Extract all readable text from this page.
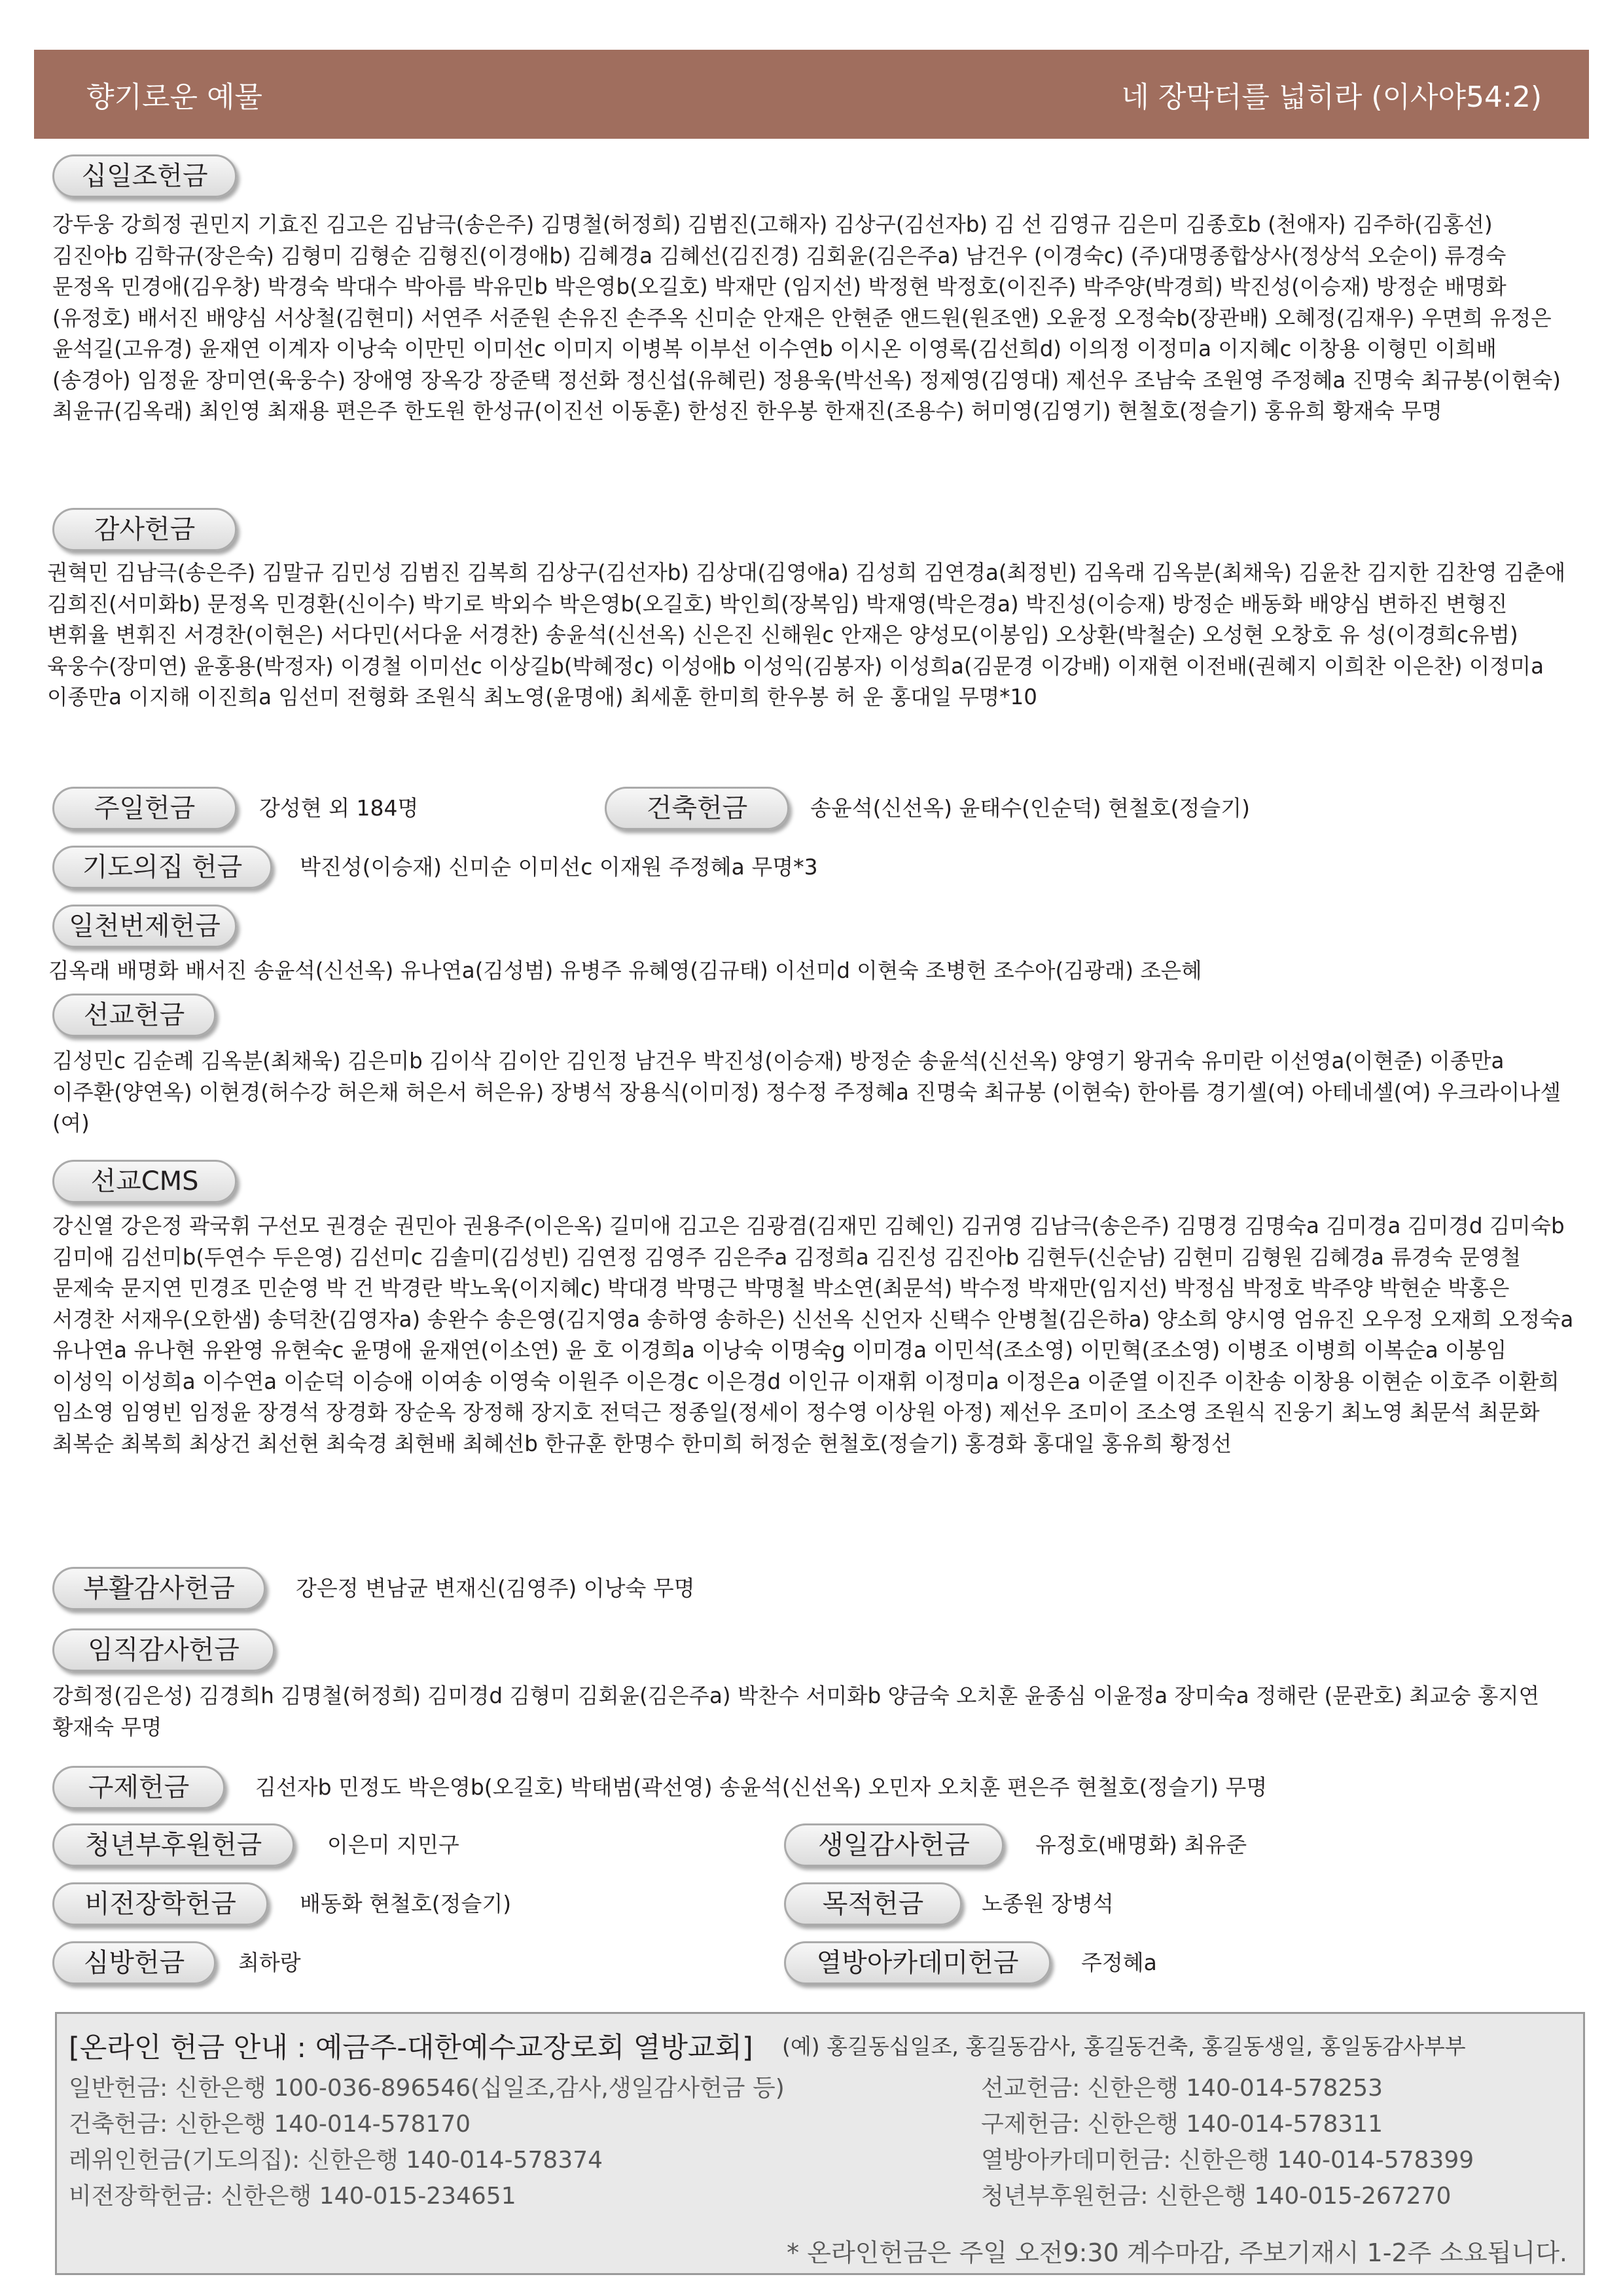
향기로운 예물	네 장막터를 넓히라 (이사야54:2)
십일조헌금

강두웅 강희정 권민지 기효진 김고은 김남극(송은주) 김명철(허정희) 김범진(고해자) 김상구(김선자b) 김 선 김영규 김은미 김종호b (천애자) 김주하(김홍선) 김진아b 김학규(장은숙) 김형미 김형순 김형진(이경애b) 김혜경a 김혜선(김진경) 김회윤(김은주a) 남건우 (이경숙c) (주)대명종합상사(정상석 오순이) 류경숙 문정옥 민경애(김우창) 박경숙 박대수 박아름 박유민b 박은영b(오길호) 박재만 (임지선) 박정현 박정호(이진주) 박주양(박경희) 박진성(이승재) 방정순 배명화(유정호) 배서진 배양심 서상철(김현미) 서연주 서준원 손유진 손주옥 신미순 안재은 안현준 앤드원(원조앤) 오윤정 오정숙b(장관배) 오혜정(김재우) 우면희 유정은 윤석길(고유경) 윤재연 이계자 이낭숙 이만민 이미선c 이미지 이병복 이부선 이수연b 이시온 이영록(김선희d) 이의정 이정미a 이지혜c 이창용 이형민 이희배 (송경아) 임정윤 장미연(육웅수) 장애영 장옥강 장준택 정선화 정신섭(유혜린) 정용욱(박선옥) 정제영(김영대) 제선우 조남숙 조원영 주정혜a 진명숙 최규봉(이현숙) 최윤규(김옥래) 최인영 최재용 편은주 한도원 한성규(이진선 이동훈) 한성진 한우봉 한재진(조용수) 허미영(김영기) 현철호(정슬기) 홍유희 황재숙 무명

감사헌금

권혁민 김남극(송은주) 김말규 김민성 김범진 김복희 김상구(김선자b) 김상대(김영애a) 김성희 김연경a(최정빈) 김옥래 김옥분(최채욱) 김윤찬 김지한 김찬영 김춘애 김희진(서미화b) 문정옥 민경환(신이수) 박기로 박외수 박은영b(오길호) 박인희(장복임) 박재영(박은경a) 박진성(이승재) 방정순 배동화 배양심 변하진 변형진 변휘율 변휘진 서경찬(이현은) 서다민(서다윤 서경찬) 송윤석(신선옥) 신은진 신해원c 안재은 양성모(이봉임) 오상환(박철순) 오성현 오창호 유 성(이경희c유범) 육웅수(장미연) 윤홍용(박정자) 이경철 이미선c 이상길b(박혜정c) 이성애b 이성익(김봉자) 이성희a(김문경 이강배) 이재현 이전배(권혜지 이희찬 이은찬) 이정미a 이종만a 이지해 이진희a 임선미 전형화 조원식 최노영(윤명애) 최세훈 한미희 한우봉 허 운 홍대일 무명*10

주일헌금	강성현 외 184명	건축헌금	송윤석(신선옥) 윤태수(인순덕) 현철호(정슬기)
기도의집 헌금	박진성(이승재) 신미순 이미선c 이재원 주정혜a 무명*3
일천번제헌금

김옥래 배명화 배서진 송윤석(신선옥) 유나연a(김성범) 유병주 유혜영(김규태) 이선미d 이현숙 조병헌 조수아(김광래) 조은혜

선교헌금

김성민c 김순례 김옥분(최채욱) 김은미b 김이삭 김이안 김인정 남건우 박진성(이승재) 방정순 송윤석(신선옥) 양영기 왕귀숙 유미란 이선영a(이현준) 이종만a 이주환(양연옥) 이현경(허수강 허은채 허은서 허은유) 장병석 장용식(이미정) 정수정 주정혜a 진명숙 최규봉 (이현숙) 한아름 경기셀(여) 아테네셀(여) 우크라이나셀(여)

선교CMS

강신열 강은정 곽국휘 구선모 권경순 권민아 권용주(이은옥) 길미애 김고은 김광겸(김재민 김혜인) 김귀영 김남극(송은주) 김명경 김명숙a 김미경a 김미경d 김미숙b 김미애 김선미b(두연수 두은영) 김선미c 김솔미(김성빈) 김연정 김영주 김은주a 김정희a 김진성 김진아b 김현두(신순남) 김현미 김형원 김혜경a 류경숙 문영철 문제숙 문지연 민경조 민순영 박 건 박경란 박노욱(이지혜c) 박대경 박명근 박명철 박소연(최문석) 박수정 박재만(임지선) 박정심 박정호 박주양 박현순 박홍은 서경찬 서재우(오한샘) 송덕찬(김영자a) 송완수 송은영(김지영a 송하영 송하은) 신선옥 신언자 신택수 안병철(김은하a) 양소희 양시영 엄유진 오우정 오재희 오정숙a 유나연a 유나현 유완영 유현숙c 윤명애 윤재연(이소연) 윤 호 이경희a 이낭숙 이명숙g 이미경a 이민석(조소영) 이민혁(조소영) 이병조 이병희 이복순a 이봉임 이성익 이성희a 이수연a 이순덕 이승애 이여송 이영숙 이원주 이은경c 이은경d 이인규 이재휘 이정미a 이정은a 이준열 이진주 이찬송 이창용 이현순 이호주 이환희 임소영 임영빈 임정윤 장경석 장경화 장순옥 장정해 장지호 전덕근 정종일(정세이 정수영 이상원 아정) 제선우 조미이 조소영 조원식 진웅기 최노영 최문석 최문화 최복순 최복희 최상건 최선현 최숙경 최현배 최혜선b 한규훈 한명수 한미희 허정순 현철호(정슬기) 홍경화 홍대일 홍유희 황정선

부활감사헌금	강은정 변남균 변재신(김영주) 이낭숙 무명
임직감사헌금

강희정(김은성) 김경희h 김명철(허정희) 김미경d 김형미 김회윤(김은주a) 박찬수 서미화b 양금숙 오치훈 윤종심 이윤정a 장미숙a 정해란 (문관호) 최교숭 홍지연 황재숙 무명

구제헌금	김선자b 민정도 박은영b(오길호) 박태범(곽선영) 송윤석(신선옥) 오민자 오치훈 편은주 현철호(정슬기) 무명
청년부후원헌금	이은미 지민구	생일감사헌금	유정호(배명화) 최유준
비전장학헌금	배동화 현철호(정슬기)	목적헌금	노종원 장병석
심방헌금	최하랑	열방아카데미헌금	주정혜a
[온라인 헌금 안내 : 예금주-대한예수교장로회 열방교회] (예) 홍길동십일조, 홍길동감사, 홍길동건축, 홍길동생일, 홍일동감사부부
일반헌금: 신한은행 100-036-896546(십일조,감사,생일감사헌금 등)
건축헌금: 신한은행 140-014-578170
레위인헌금(기도의집): 신한은행 140-014-578374
비전장학헌금: 신한은행 140-015-234651
선교헌금: 신한은행 140-014-578253
구제헌금: 신한은행 140-014-578311
열방아카데미헌금: 신한은행 140-014-578399
청년부후원헌금: 신한은행 140-015-267270
* 온라인헌금은 주일 오전9:30 계수마감, 주보기재시 1-2주 소요됩니다.
